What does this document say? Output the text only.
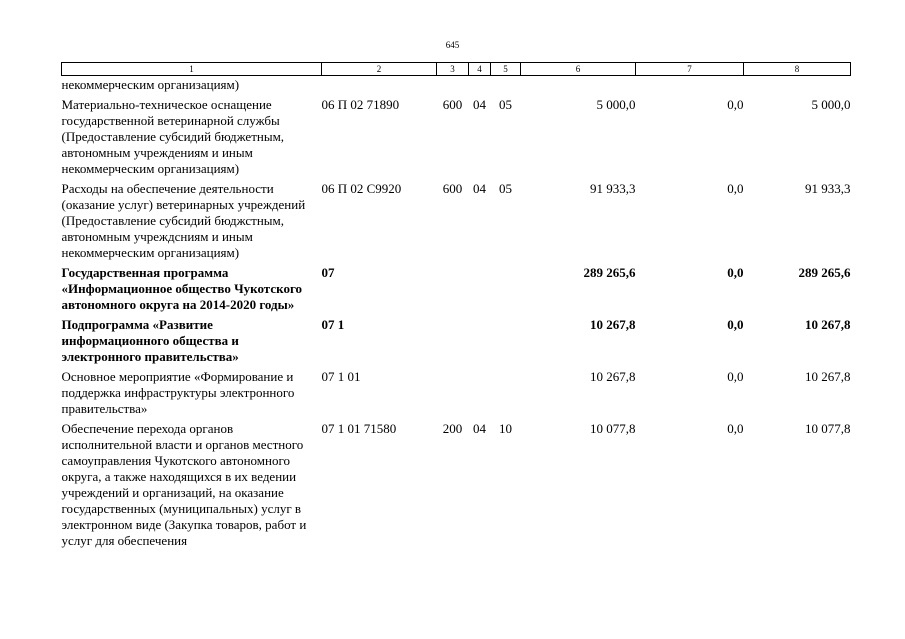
645
1	2	3	4	5	6	7	8
некоммерческим организациям)							
Материально-техническое оснащение государственной ветеринарной службы (Предоставление субсидий бюджетным, автономным учреждениям и иным некоммерческим организациям)	06 П 02 71890	600	04	05	5 000,0	0,0	5 000,0
Расходы на обеспечение деятельности (оказание услуг) ветеринарных учреждений (Предоставление субсидий бюджстным, автономным учреждсниям и иным некоммерческим организациям)	06 П 02 С9920	600	04	05	91 933,3	0,0	91 933,3
Государственная программа «Информационное общество Чукотского автономного округа на 2014-2020 годы»	07				289 265,6	0,0	289 265,6
Подпрограмма «Развитие информационного общества и электронного правительства»	07 1				10 267,8	0,0	10 267,8
Основное мероприятие «Формирование и поддержка инфраструктуры электронного правительства»	07 1 01				10 267,8	0,0	10 267,8
Обеспечение перехода органов исполнительной власти и органов местного самоуправления Чукотского автономного округа, а также находящихся в их ведении учреждений и организаций, на оказание государственных (муниципальных) услуг в электронном виде (Закупка товаров, работ и услуг для обеспечения	07 1 01 71580	200	04	10	10 077,8	0,0	10 077,8
